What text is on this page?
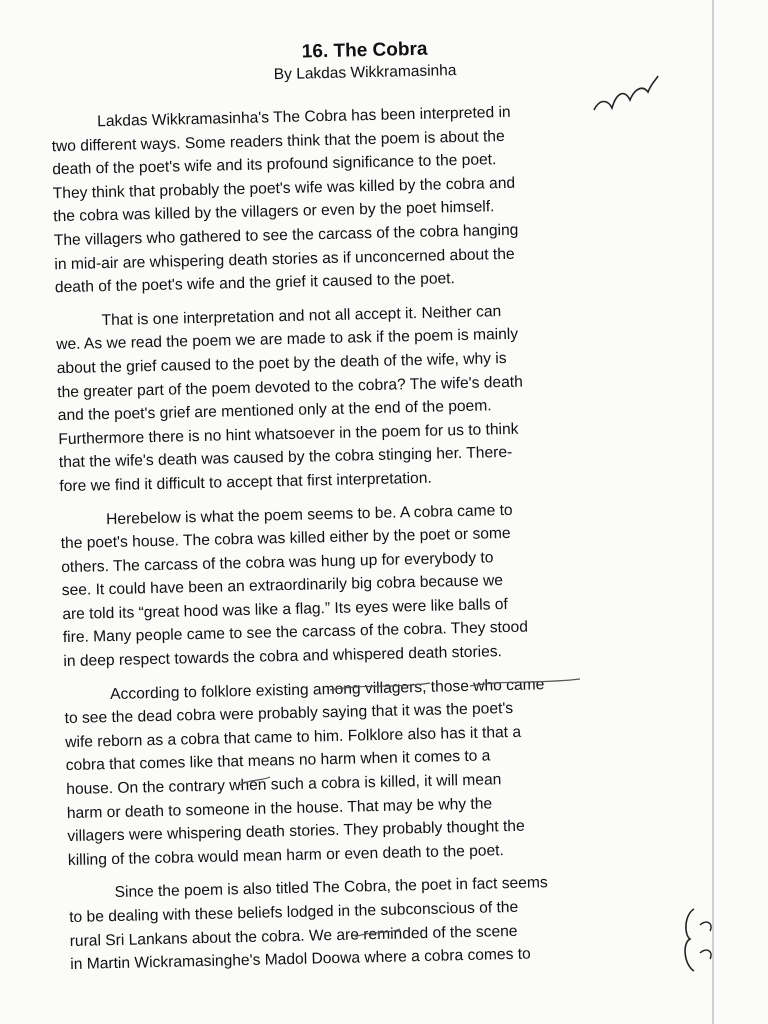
16. The Cobra
By Lakdas Wikkramasinha
Lakdas Wikkramasinha's The Cobra has been interpreted in
two different ways. Some readers think that the poem is about the
death of the poet's wife and its profound significance to the poet.
They think that probably the poet's wife was killed by the cobra and
the cobra was killed by the villagers or even by the poet himself.
The villagers who gathered to see the carcass of the cobra hanging
in mid-air are whispering death stories as if unconcerned about the
death of the poet's wife and the grief it caused to the poet.
That is one interpretation and not all accept it. Neither can
we. As we read the poem we are made to ask if the poem is mainly
about the grief caused to the poet by the death of the wife, why is
the greater part of the poem devoted to the cobra? The wife's death
and the poet's grief are mentioned only at the end of the poem.
Furthermore there is no hint whatsoever in the poem for us to think
that the wife's death was caused by the cobra stinging her. There-
fore we find it difficult to accept that first interpretation.
Herebelow is what the poem seems to be. A cobra came to
the poet's house. The cobra was killed either by the poet or some
others. The carcass of the cobra was hung up for everybody to
see. It could have been an extraordinarily big cobra because we
are told its “great hood was like a flag.” Its eyes were like balls of
fire. Many people came to see the carcass of the cobra. They stood
in deep respect towards the cobra and whispered death stories.
According to folklore existing among villagers, those who came
to see the dead cobra were probably saying that it was the poet's
wife reborn as a cobra that came to him. Folklore also has it that a
cobra that comes like that means no harm when it comes to a
house. On the contrary when such a cobra is killed, it will mean
harm or death to someone in the house. That may be why the
villagers were whispering death stories. They probably thought the
killing of the cobra would mean harm or even death to the poet.
Since the poem is also titled The Cobra, the poet in fact seems
to be dealing with these beliefs lodged in the subconscious of the
rural Sri Lankans about the cobra. We are reminded of the scene
in Martin Wickramasinghe's Madol Doowa where a cobra comes to
